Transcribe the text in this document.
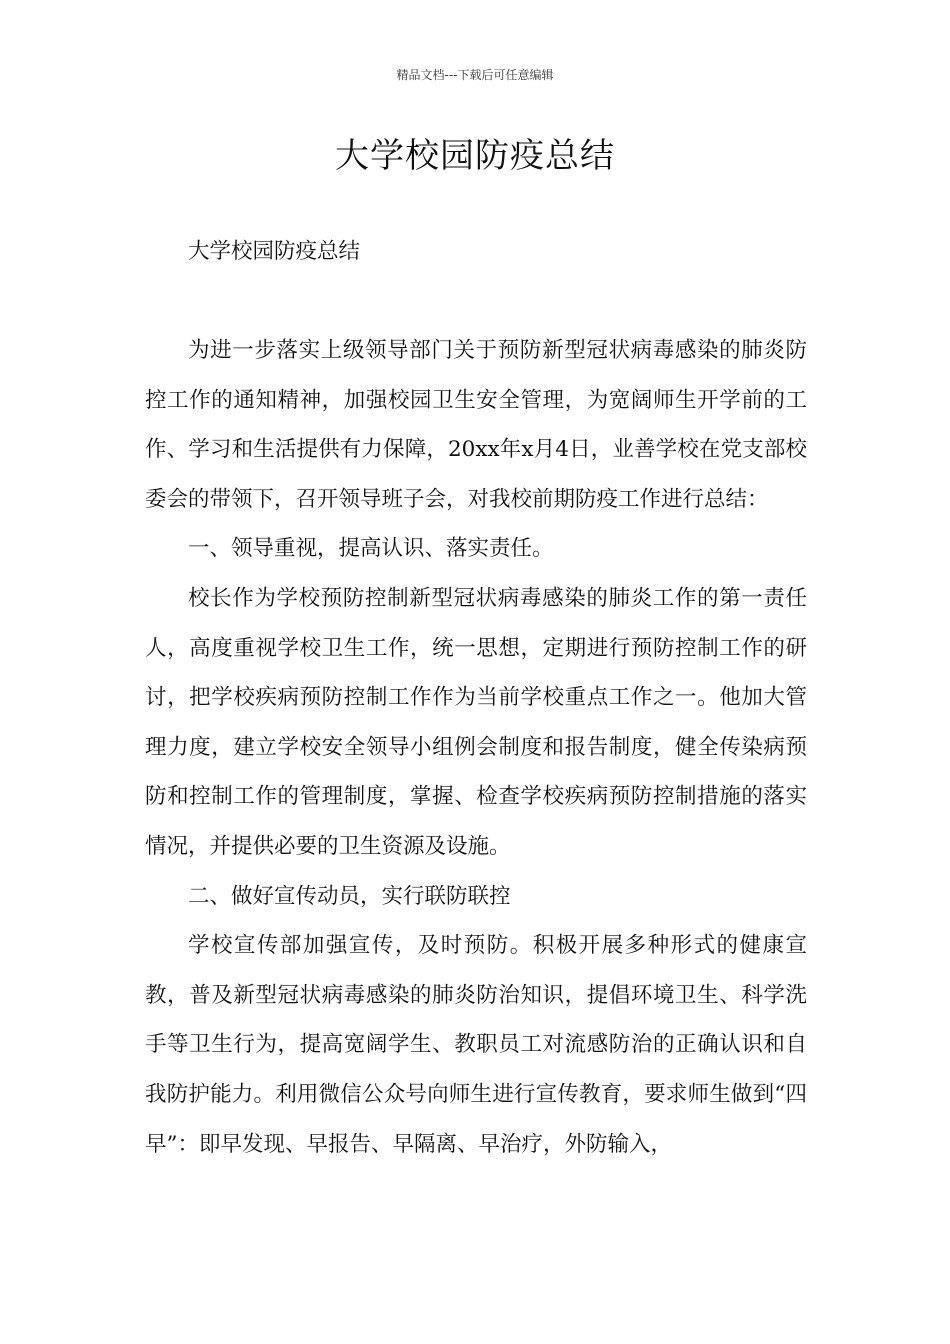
精品文档---下载后可任意编辑
大学校园防疫总结

大学校园防疫总结

为进一步落实上级领导部门关于预防新型冠状病毒感染的肺炎防控工作的通知精神，加强校园卫生安全管理，为宽阔师生开学前的工作、学习和生活提供有力保障，20xx年x月4日，业善学校在党支部校委会的带领下，召开领导班子会，对我校前期防疫工作进行总结：

一、领导重视，提高认识、落实责任。

校长作为学校预防控制新型冠状病毒感染的肺炎工作的第一责任人，高度重视学校卫生工作，统一思想，定期进行预防控制工作的研讨，把学校疾病预防控制工作作为当前学校重点工作之一。他加大管理力度，建立学校安全领导小组例会制度和报告制度，健全传染病预防和控制工作的管理制度，掌握、检查学校疾病预防控制措施的落实情况，并提供必要的卫生资源及设施。

二、做好宣传动员，实行联防联控

学校宣传部加强宣传，及时预防。积极开展多种形式的健康宣教，普及新型冠状病毒感染的肺炎防治知识，提倡环境卫生、科学洗手等卫生行为，提高宽阔学生、教职员工对流感防治的正确认识和自我防护能力。利用微信公众号向师生进行宣传教育，要求师生做到“四早”：即早发现、早报告、早隔离、早治疗，外防输入，
